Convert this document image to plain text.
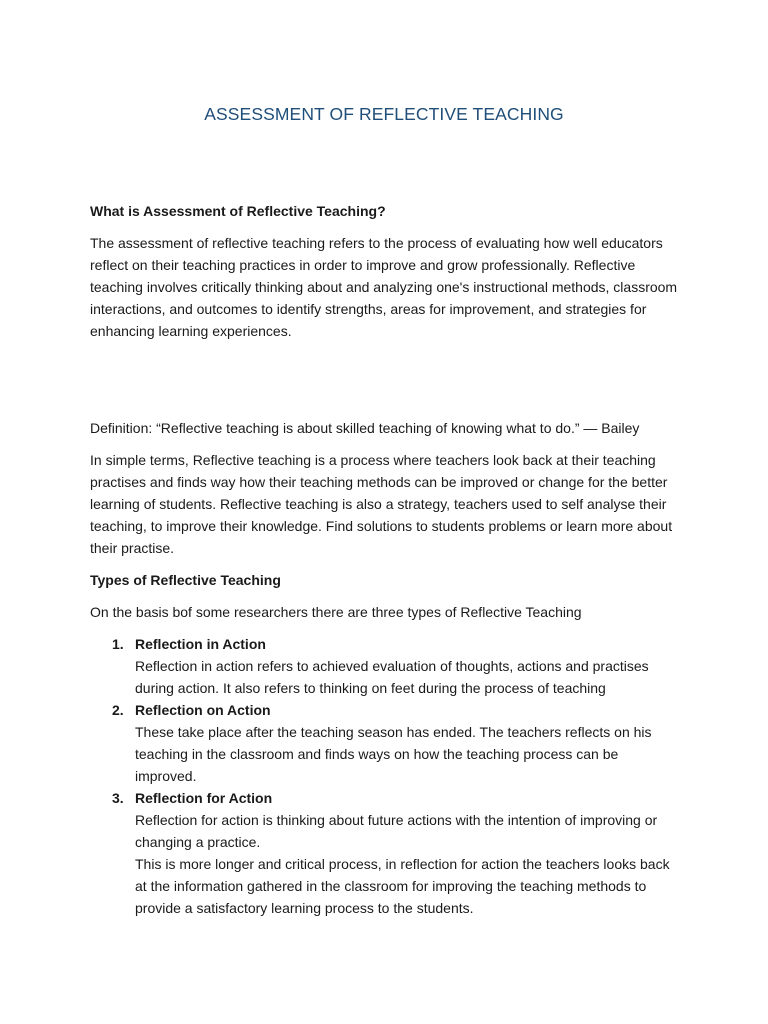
ASSESSMENT OF REFLECTIVE TEACHING

What is Assessment of Reflective Teaching?

The assessment of reflective teaching refers to the process of evaluating how well educators reflect on their teaching practices in order to improve and grow professionally. Reflective teaching involves critically thinking about and analyzing one's instructional methods, classroom interactions, and outcomes to identify strengths, areas for improvement, and strategies for enhancing learning experiences.

Definition: “Reflective teaching is about skilled teaching of knowing what to do.” — Bailey

In simple terms, Reflective teaching is a process where teachers look back at their teaching practises and finds way how their teaching methods can be improved or change for the better learning of students. Reflective teaching is also a strategy, teachers used to self analyse their teaching, to improve their knowledge. Find solutions to students problems or learn more about their practise.

Types of Reflective Teaching

On the basis bof some researchers there are three types of Reflective Teaching

1. Reflection in Action
Reflection in action refers to achieved evaluation of thoughts, actions and practises during action. It also refers to thinking on feet during the process of teaching
2. Reflection on Action
These take place after the teaching season has ended. The teachers reflects on his teaching in the classroom and finds ways on how the teaching process can be improved.
3. Reflection for Action
Reflection for action is thinking about future actions with the intention of improving or changing a practice.
This is more longer and critical process, in reflection for action the teachers looks back at the information gathered in the classroom for improving the teaching methods to provide a satisfactory learning process to the students.
